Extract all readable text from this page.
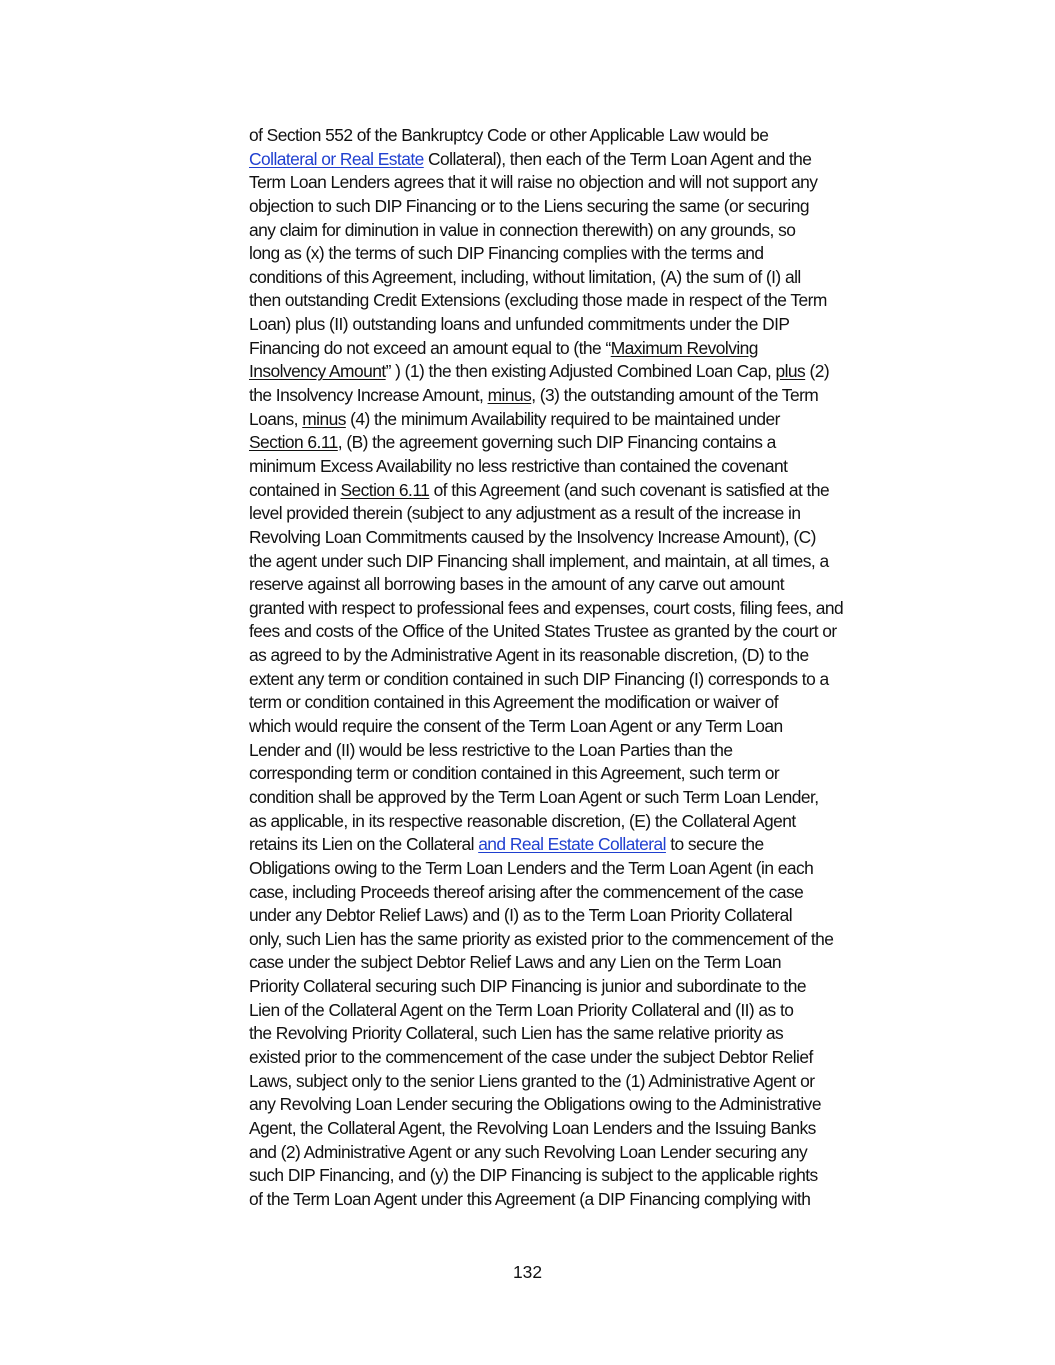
of Section 552 of the Bankruptcy Code or other Applicable Law would be
Collateral or Real Estate Collateral), then each of the Term Loan Agent and the
Term Loan Lenders agrees that it will raise no objection and will not support any
objection to such DIP Financing or to the Liens securing the same (or securing
any claim for diminution in value in connection therewith) on any grounds, so
long as (x) the terms of such DIP Financing complies with the terms and
conditions of this Agreement, including, without limitation, (A) the sum of (I) all
then outstanding Credit Extensions (excluding those made in respect of the Term
Loan) plus (II) outstanding loans and unfunded commitments under the DIP
Financing do not exceed an amount equal to (the “Maximum Revolving
Insolvency Amount” ) (1) the then existing Adjusted Combined Loan Cap, plus (2)
the Insolvency Increase Amount, minus, (3) the outstanding amount of the Term
Loans, minus (4) the minimum Availability required to be maintained under
Section 6.11, (B) the agreement governing such DIP Financing contains a
minimum Excess Availability no less restrictive than contained the covenant
contained in Section 6.11 of this Agreement (and such covenant is satisfied at the
level provided therein (subject to any adjustment as a result of the increase in
Revolving Loan Commitments caused by the Insolvency Increase Amount), (C)
the agent under such DIP Financing shall implement, and maintain, at all times, a
reserve against all borrowing bases in the amount of any carve out amount
granted with respect to professional fees and expenses, court costs, filing fees, and
fees and costs of the Office of the United States Trustee as granted by the court or
as agreed to by the Administrative Agent in its reasonable discretion, (D) to the
extent any term or condition contained in such DIP Financing (I) corresponds to a
term or condition contained in this Agreement the modification or waiver of
which would require the consent of the Term Loan Agent or any Term Loan
Lender and (II) would be less restrictive to the Loan Parties than the
corresponding term or condition contained in this Agreement, such term or
condition shall be approved by the Term Loan Agent or such Term Loan Lender,
as applicable, in its respective reasonable discretion, (E) the Collateral Agent
retains its Lien on the Collateral and Real Estate Collateral to secure the
Obligations owing to the Term Loan Lenders and the Term Loan Agent (in each
case, including Proceeds thereof arising after the commencement of the case
under any Debtor Relief Laws) and (I) as to the Term Loan Priority Collateral
only, such Lien has the same priority as existed prior to the commencement of the
case under the subject Debtor Relief Laws and any Lien on the Term Loan
Priority Collateral securing such DIP Financing is junior and subordinate to the
Lien of the Collateral Agent on the Term Loan Priority Collateral and (II) as to
the Revolving Priority Collateral, such Lien has the same relative priority as
existed prior to the commencement of the case under the subject Debtor Relief
Laws, subject only to the senior Liens granted to the (1) Administrative Agent or
any Revolving Loan Lender securing the Obligations owing to the Administrative
Agent, the Collateral Agent, the Revolving Loan Lenders and the Issuing Banks
and (2) Administrative Agent or any such Revolving Loan Lender securing any
such DIP Financing, and (y) the DIP Financing is subject to the applicable rights
of the Term Loan Agent under this Agreement (a DIP Financing complying with
132
